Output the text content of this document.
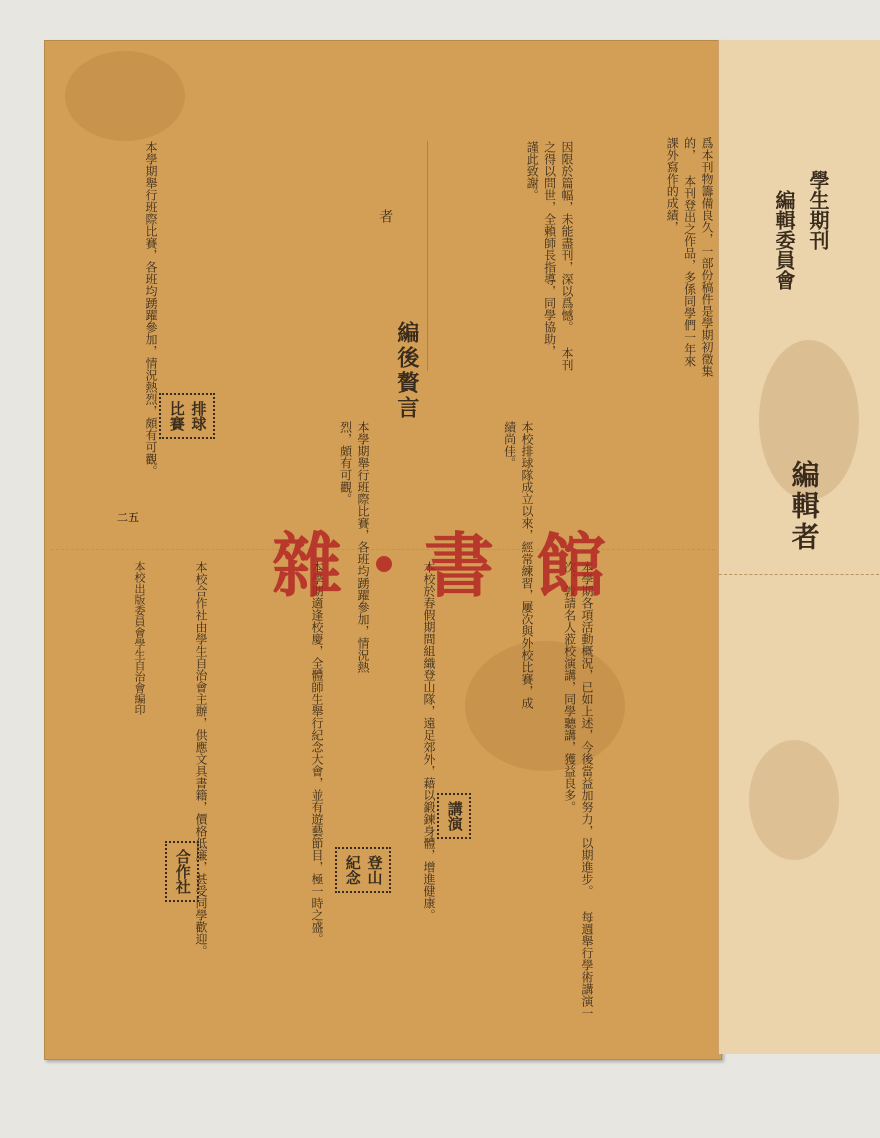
爲本刊物籌備良久，一部份稿件是學期初徵集的， 本刊登出之作品，多係同學們一年來課外寫作的成績，
因限於篇幅，未能盡刊，深以爲憾。 本刊之得以問世，全賴師長指導，同學協助， 謹此致謝。
編後贅言
者
本校排球隊成立以來，經常練習，屢次與外校比賽，成績尚佳。
本學期舉行班際比賽，各班均踴躍參加，情況熱烈，頗有可觀。
排球
比賽
本學期舉行班際比賽，各班均踴躍參加，情況熱烈，頗有可觀。
二五
本學期各項活動概況，已如上述，今後當益加努力，以期進步。 每週舉行學術講演一次，敦請名人蒞校演講，同學聽講，獲益良多。
講演
本校於春假期間組織登山隊，遠足郊外，藉以鍛鍊身體，增進健康。
登山
紀念
本學期適逢校慶，全體師生舉行紀念大會，並有遊藝節目，極一時之盛。
合作社 本校合作社由學生自治會主辦，供應文具書籍，價格低廉，甚受同學歡迎。
本校出版委員會學生自治會編印
編輯者
學生期刊
編輯委員會
雜 書 館
